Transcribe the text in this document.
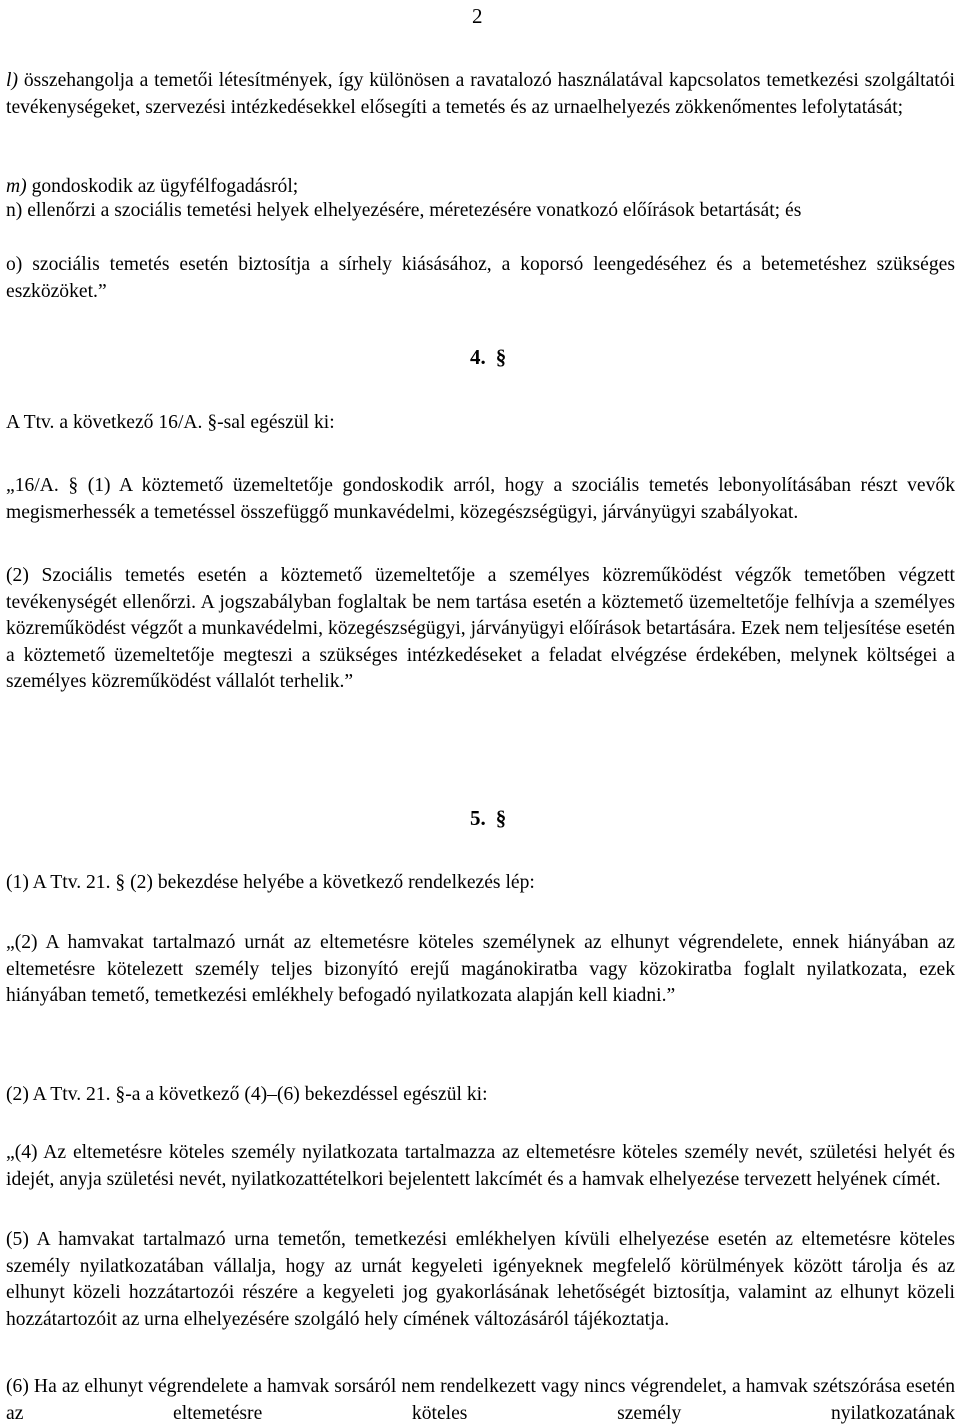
2

l) összehangolja a temetői létesítmények, így különösen a ravatalozó használatával kapcsolatos temetkezési szolgáltatói tevékenységeket, szervezési intézkedésekkel elősegíti a temetés és az urnaelhelyezés zökkenőmentes lefolytatását;

m) gondoskodik az ügyfélfogadásról;

n) ellenőrzi a szociális temetési helyek elhelyezésére, méretezésére vonatkozó előírások betartását; és

o) szociális temetés esetén biztosítja a sírhely kiásásához, a koporsó leengedéséhez és a betemetéshez szükséges eszközöket.”

4. §

A Ttv. a következő 16/A. §-sal egészül ki:

„16/A. § (1) A köztemető üzemeltetője gondoskodik arról, hogy a szociális temetés lebonyolításában részt vevők megismerhessék a temetéssel összefüggő munkavédelmi, közegészségügyi, járványügyi szabályokat.

(2) Szociális temetés esetén a köztemető üzemeltetője a személyes közreműködést végzők temetőben végzett tevékenységét ellenőrzi. A jogszabályban foglaltak be nem tartása esetén a köztemető üzemeltetője felhívja a személyes közreműködést végzőt a munkavédelmi, közegészségügyi, járványügyi előírások betartására. Ezek nem teljesítése esetén a köztemető üzemeltetője megteszi a szükséges intézkedéseket a feladat elvégzése érdekében, melynek költségei a személyes közreműködést vállalót terhelik.”

5. §

(1) A Ttv. 21. § (2) bekezdése helyébe a következő rendelkezés lép:

„(2) A hamvakat tartalmazó urnát az eltemetésre köteles személynek az elhunyt végrendelete, ennek hiányában az eltemetésre kötelezett személy teljes bizonyító erejű magánokiratba vagy közokiratba foglalt nyilatkozata, ezek hiányában temető, temetkezési emlékhely befogadó nyilatkozata alapján kell kiadni.”

(2) A Ttv. 21. §-a a következő (4)–(6) bekezdéssel egészül ki:

„(4) Az eltemetésre köteles személy nyilatkozata tartalmazza az eltemetésre köteles személy nevét, születési helyét és idejét, anyja születési nevét, nyilatkozattételkori bejelentett lakcímét és a hamvak elhelyezése tervezett helyének címét.

(5) A hamvakat tartalmazó urna temetőn, temetkezési emlékhelyen kívüli elhelyezése esetén az eltemetésre köteles személy nyilatkozatában vállalja, hogy az urnát kegyeleti igényeknek megfelelő körülmények között tárolja és az elhunyt közeli hozzátartozói részére a kegyeleti jog gyakorlásának lehetőségét biztosítja, valamint az elhunyt közeli hozzátartozóit az urna elhelyezésére szolgáló hely címének változásáról tájékoztatja.

(6) Ha az elhunyt végrendelete a hamvak sorsáról nem rendelkezett vagy nincs végrendelet, a hamvak szétszórása esetén az eltemetésre köteles személy nyilatkozatának
